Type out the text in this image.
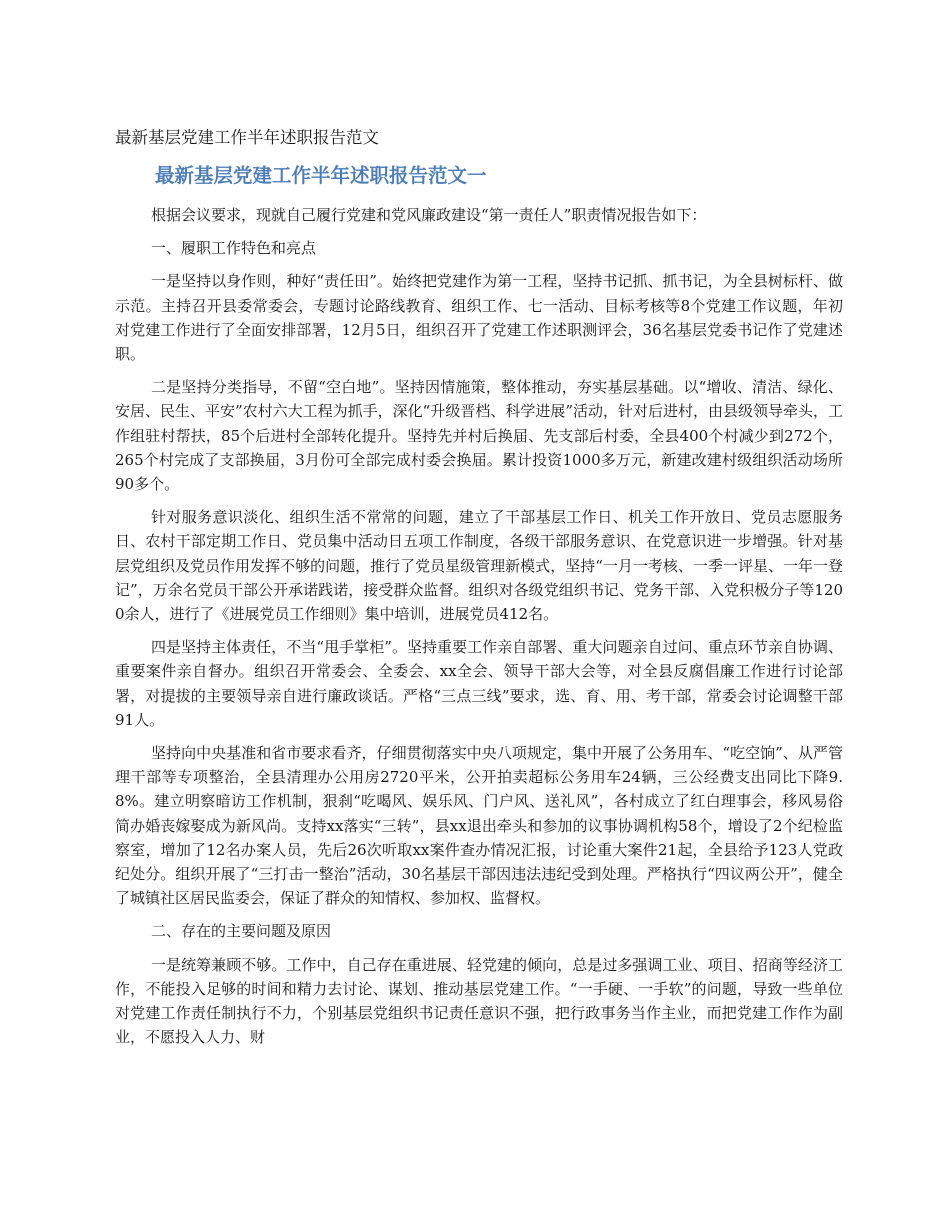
最新基层党建工作半年述职报告范文
最新基层党建工作半年述职报告范文一

根据会议要求，现就自己履行党建和党风廉政建设“第一责任人”职责情况报告如下：

一、履职工作特色和亮点

一是坚持以身作则，种好“责任田”。始终把党建作为第一工程，坚持书记抓、抓书记，为全县树标杆、做示范。主持召开县委常委会，专题讨论路线教育、组织工作、七一活动、目标考核等8个党建工作议题，年初对党建工作进行了全面安排部署，12月5日，组织召开了党建工作述职测评会，36名基层党委书记作了党建述职。

二是坚持分类指导，不留“空白地”。坚持因情施策，整体推动，夯实基层基础。以“增收、清洁、绿化、安居、民生、平安”农村六大工程为抓手，深化“升级晋档、科学进展”活动，针对后进村，由县级领导牵头，工作组驻村帮扶，85个后进村全部转化提升。坚持先并村后换届、先支部后村委，全县400个村减少到272个，265个村完成了支部换届，3月份可全部完成村委会换届。累计投资1000多万元，新建改建村级组织活动场所90多个。

针对服务意识淡化、组织生活不常常的问题，建立了干部基层工作日、机关工作开放日、党员志愿服务日、农村干部定期工作日、党员集中活动日五项工作制度，各级干部服务意识、在党意识进一步增强。针对基层党组织及党员作用发挥不够的问题，推行了党员星级管理新模式，坚持“一月一考核、一季一评星、一年一登记”，万余名党员干部公开承诺践诺，接受群众监督。组织对各级党组织书记、党务干部、入党积极分子等1200余人，进行了《进展党员工作细则》集中培训，进展党员412名。

四是坚持主体责任，不当“甩手掌柜”。坚持重要工作亲自部署、重大问题亲自过问、重点环节亲自协调、重要案件亲自督办。组织召开常委会、全委会、xx全会、领导干部大会等，对全县反腐倡廉工作进行讨论部署，对提拔的主要领导亲自进行廉政谈话。严格“三点三线”要求，选、育、用、考干部，常委会讨论调整干部91人。

坚持向中央基准和省市要求看齐，仔细贯彻落实中央八项规定，集中开展了公务用车、“吃空饷”、从严管理干部等专项整治，全县清理办公用房2720平米，公开拍卖超标公务用车24辆，三公经费支出同比下降9.8%。建立明察暗访工作机制，狠刹“吃喝风、娱乐风、门户风、送礼风”，各村成立了红白理事会，移风易俗简办婚丧嫁娶成为新风尚。支持xx落实“三转”，县xx退出牵头和参加的议事协调机构58个，增设了2个纪检监察室，增加了12名办案人员，先后26次听取xx案件查办情况汇报，讨论重大案件21起，全县给予123人党政纪处分。组织开展了“三打击一整治”活动，30名基层干部因违法违纪受到处理。严格执行“四议两公开”，健全了城镇社区居民监委会，保证了群众的知情权、参加权、监督权。

二、存在的主要问题及原因

一是统筹兼顾不够。工作中，自己存在重进展、轻党建的倾向，总是过多强调工业、项目、招商等经济工作，不能投入足够的时间和精力去讨论、谋划、推动基层党建工作。“一手硬、一手软”的问题，导致一些单位对党建工作责任制执行不力，个别基层党组织书记责任意识不强，把行政事务当作主业，而把党建工作作为副业，不愿投入人力、财
